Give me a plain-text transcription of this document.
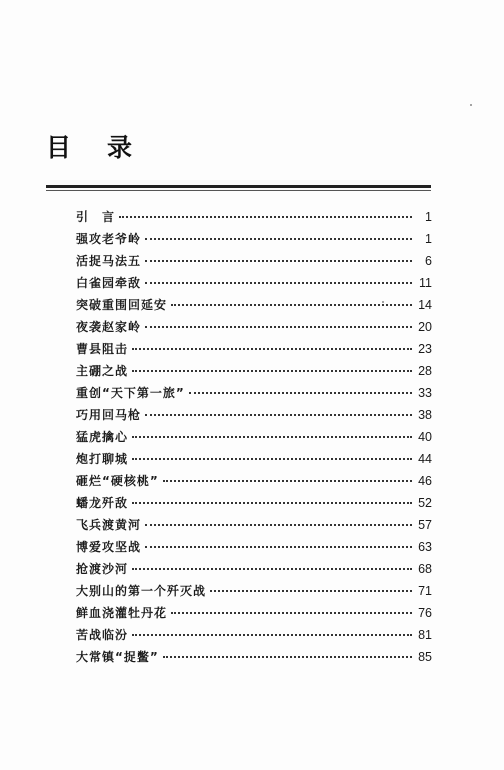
目 录
引　言	1
强攻老爷岭	1
活捉马法五	6
白雀园牵敌	11
突破重围回延安	14
夜袭赵家岭	20
曹县阻击	23
主硼之战	28
重创“天下第一旅”	33
巧用回马枪	38
猛虎擒心	40
炮打聊城	44
砸烂“硬核桃”	46
蟠龙歼敌	52
飞兵渡黄河	57
博爱攻坚战	63
抢渡沙河	68
大别山的第一个歼灭战	71
鲜血浇灌牡丹花	76
苦战临汾	81
大常镇“捉鳖”	85
